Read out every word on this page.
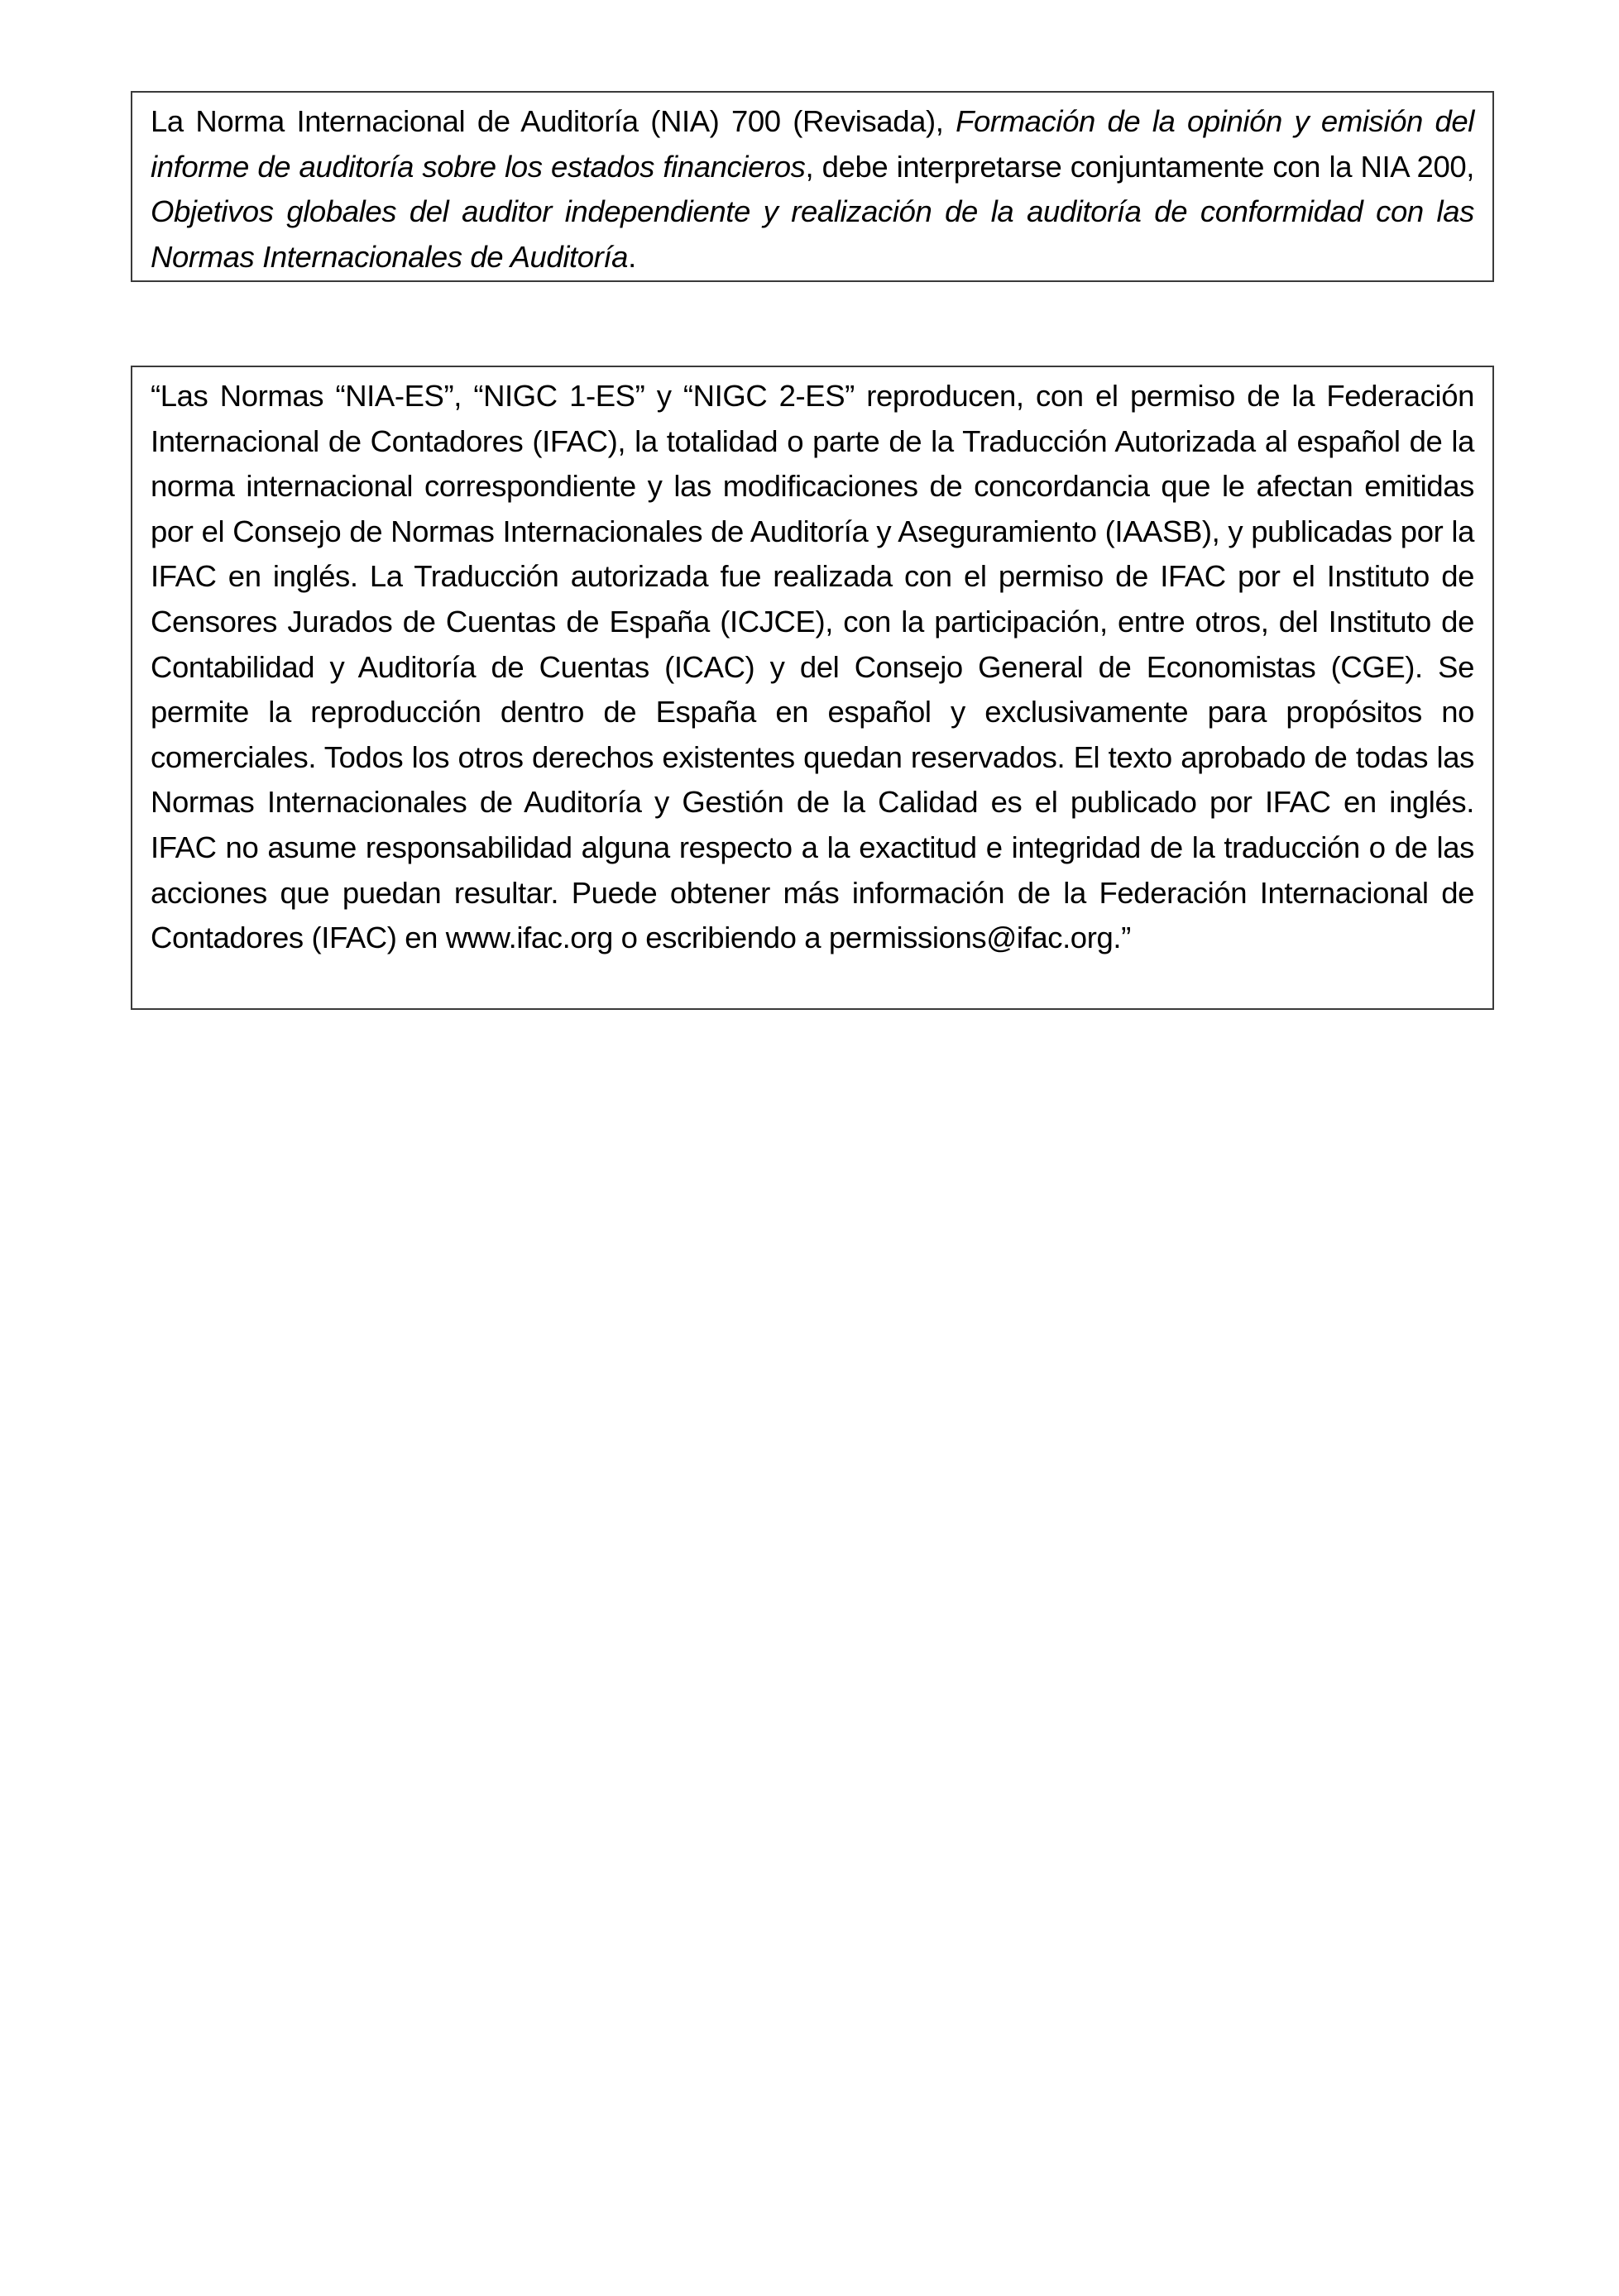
La Norma Internacional de Auditoría (NIA) 700 (Revisada), Formación de la opinión y emisión del informe de auditoría sobre los estados financieros, debe interpretarse conjuntamente con la NIA 200, Objetivos globales del auditor independiente y realización de la auditoría de conformidad con las Normas Internacionales de Auditoría.

“Las Normas “NIA-ES”, “NIGC 1-ES” y “NIGC 2-ES” reproducen, con el permiso de la Federación Internacional de Contadores (IFAC), la totalidad o parte de la Traducción Autorizada al español de la norma internacional correspondiente y las modificaciones de concordancia que le afectan emitidas por el Consejo de Normas Internacionales de Auditoría y Aseguramiento (IAASB), y publicadas por la IFAC en inglés. La Traducción autorizada fue realizada con el permiso de IFAC por el Instituto de Censores Jurados de Cuentas de España (ICJCE), con la participación, entre otros, del Instituto de Contabilidad y Auditoría de Cuentas (ICAC) y del Consejo General de Economistas (CGE). Se permite la reproducción dentro de España en español y exclusivamente para propósitos no comerciales. Todos los otros derechos existentes quedan reservados. El texto aprobado de todas las Normas Internacionales de Auditoría y Gestión de la Calidad es el publicado por IFAC en inglés. IFAC no asume responsabilidad alguna respecto a la exactitud e integridad de la traducción o de las acciones que puedan resultar. Puede obtener más información de la Federación Internacional de Contadores (IFAC) en www.ifac.org o escribiendo a permissions@ifac.org.”
